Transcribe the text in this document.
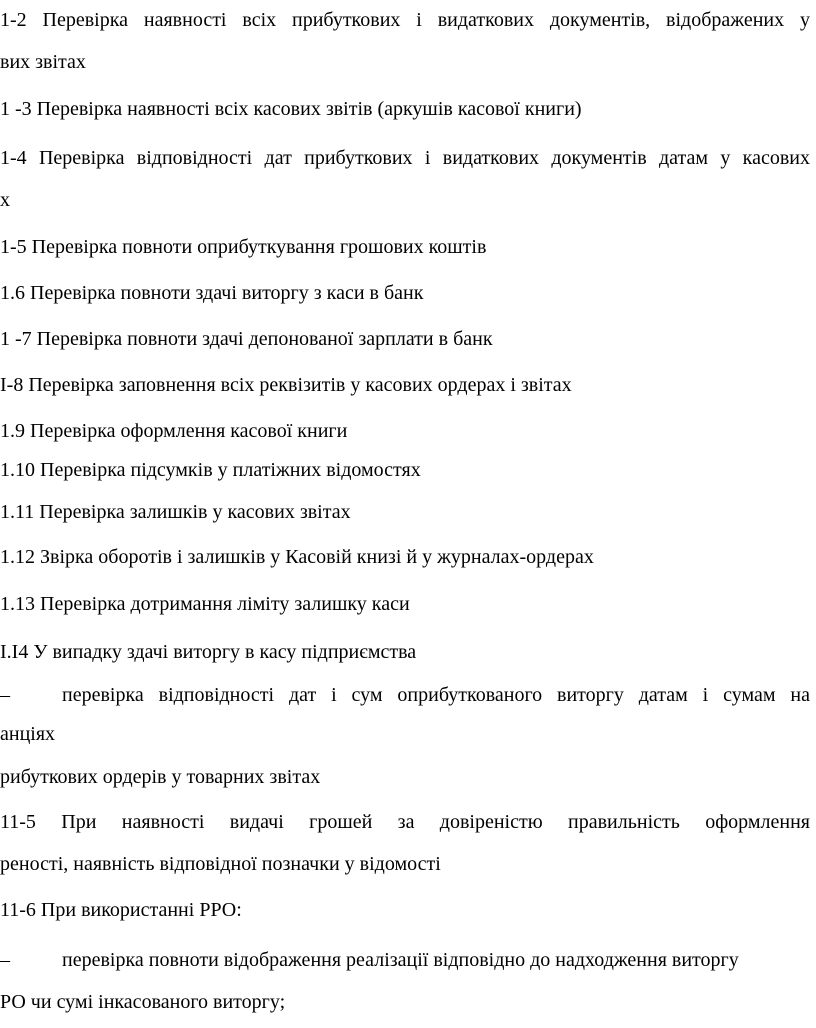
1-2 Перевірка наявності всіх прибуткових і видаткових документів, відображених у
вих звітах
1 -3 Перевірка наявності всіх касових звітів (аркушів касової книги)
1-4 Перевірка відповідності дат прибуткових і видаткових документів датам у касових
х
1-5 Перевірка повноти оприбуткування грошових коштів
1.6 Перевірка повноти здачі виторгу з каси в банк
1 -7 Перевірка повноти здачі депонованої зарплати в банк
I-8 Перевірка заповнення всіх реквізитів у касових ордерах і звітах
1.9 Перевірка оформлення касової книги
1.10 Перевірка підсумків у платіжних відомостях
1.11 Перевірка залишків у касових звітах
1.12 Звірка оборотів і залишків у Касовій книзі й у журналах-ордерах
1.13 Перевірка дотримання ліміту залишку каси
I.I4 У випадку здачі виторгу в касу підприємства
–	перевірка відповідності дат і сум оприбуткованого виторгу датам і сумам на
анціях
рибуткових ордерів у товарних звітах
11-5 При наявності видачі грошей за довіреністю правильність оформлення
реності, наявність відповідної позначки у відомості
11-6 При використанні РРО:
–	перевірка повноти відображення реалізації відповідно до надходження виторгу
РО чи сумі інкасованого виторгу;
